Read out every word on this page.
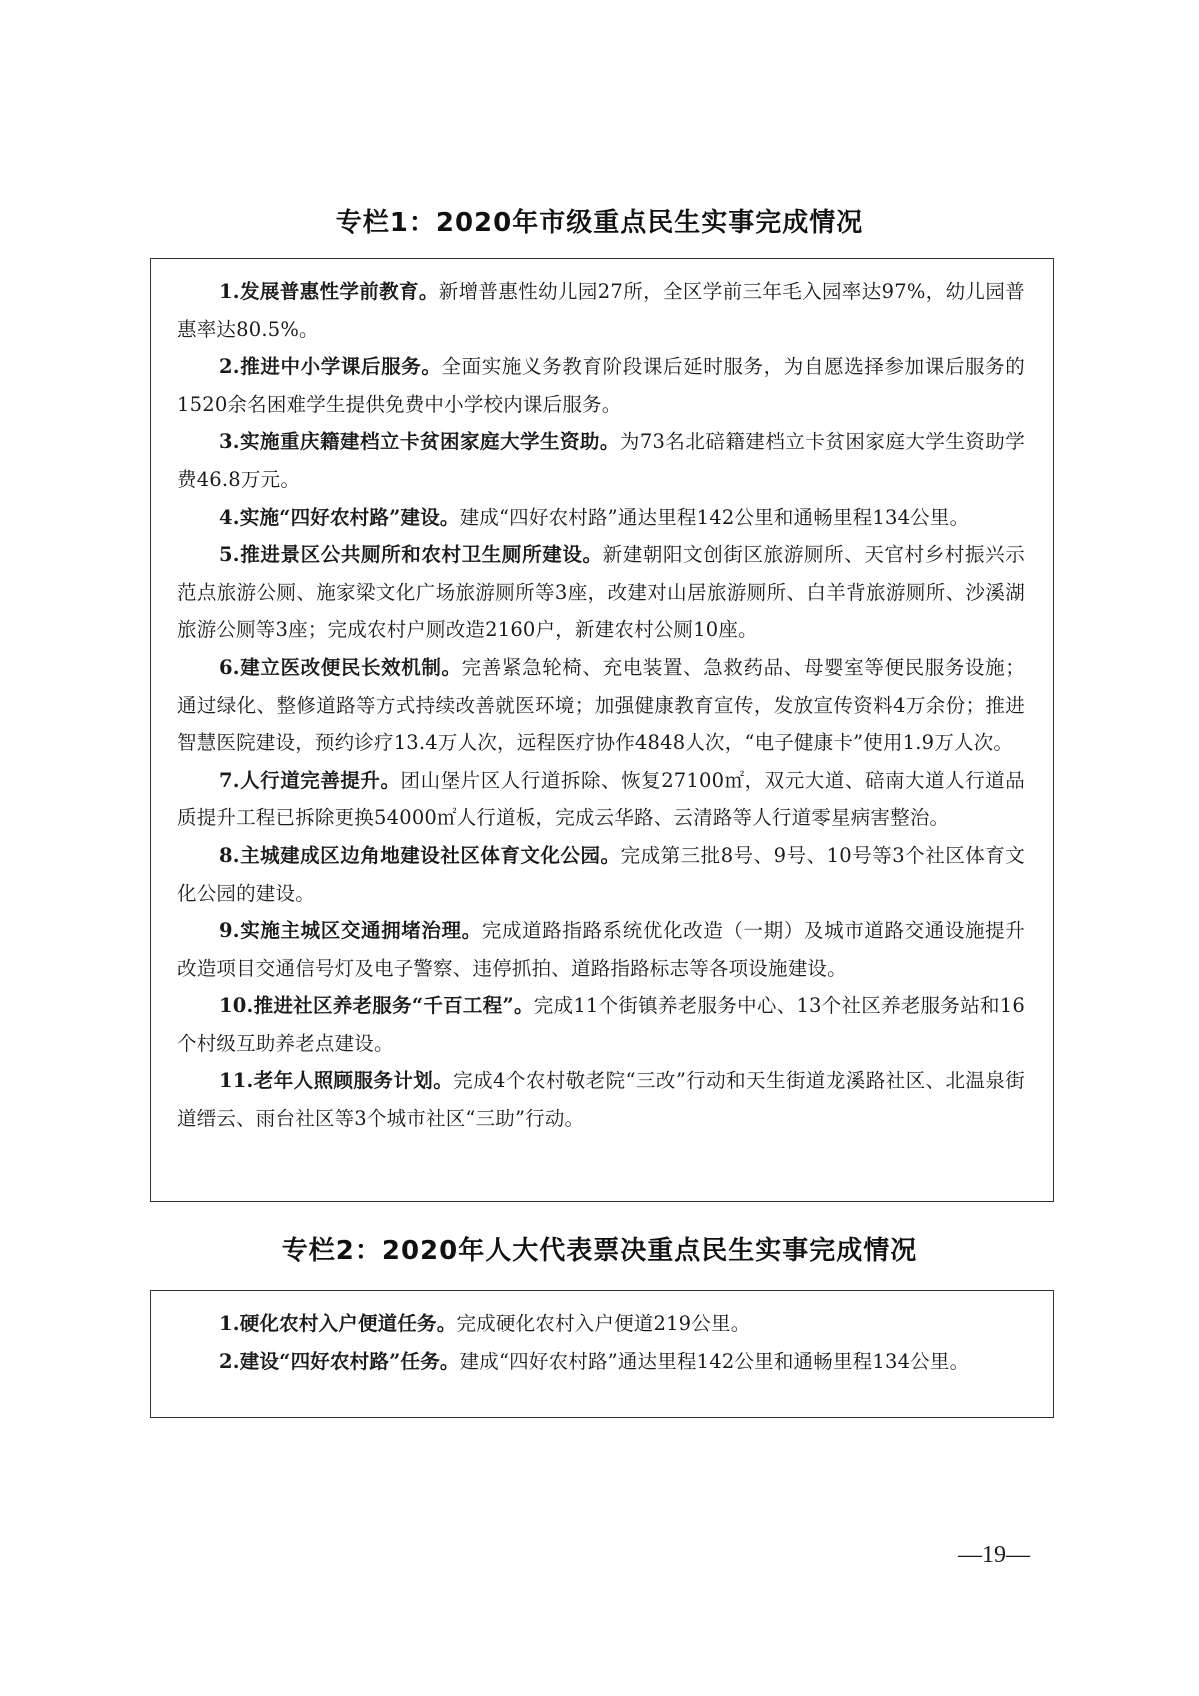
专栏1：2020年市级重点民生实事完成情况

1.发展普惠性学前教育。新增普惠性幼儿园27所，全区学前三年毛入园率达97%，幼儿园普惠率达80.5%。

2.推进中小学课后服务。全面实施义务教育阶段课后延时服务，为自愿选择参加课后服务的1520余名困难学生提供免费中小学校内课后服务。

3.实施重庆籍建档立卡贫困家庭大学生资助。为73名北碚籍建档立卡贫困家庭大学生资助学费46.8万元。

4.实施“四好农村路”建设。建成“四好农村路”通达里程142公里和通畅里程134公里。

5.推进景区公共厕所和农村卫生厕所建设。新建朝阳文创街区旅游厕所、天官村乡村振兴示范点旅游公厕、施家梁文化广场旅游厕所等3座，改建对山居旅游厕所、白羊背旅游厕所、沙溪湖旅游公厕等3座；完成农村户厕改造2160户，新建农村公厕10座。

6.建立医改便民长效机制。完善紧急轮椅、充电装置、急救药品、母婴室等便民服务设施；通过绿化、整修道路等方式持续改善就医环境；加强健康教育宣传，发放宣传资料4万余份；推进智慧医院建设，预约诊疗13.4万人次，远程医疗协作4848人次，“电子健康卡”使用1.9万人次。

7.人行道完善提升。团山堡片区人行道拆除、恢复27100㎡，双元大道、碚南大道人行道品质提升工程已拆除更换54000㎡人行道板，完成云华路、云清路等人行道零星病害整治。

8.主城建成区边角地建设社区体育文化公园。完成第三批8号、9号、10号等3个社区体育文化公园的建设。

9.实施主城区交通拥堵治理。完成道路指路系统优化改造（一期）及城市道路交通设施提升改造项目交通信号灯及电子警察、违停抓拍、道路指路标志等各项设施建设。

10.推进社区养老服务“千百工程”。完成11个街镇养老服务中心、13个社区养老服务站和16个村级互助养老点建设。

11.老年人照顾服务计划。完成4个农村敬老院“三改”行动和天生街道龙溪路社区、北温泉街道缙云、雨台社区等3个城市社区“三助”行动。

专栏2：2020年人大代表票决重点民生实事完成情况

1.硬化农村入户便道任务。完成硬化农村入户便道219公里。

2.建设“四好农村路”任务。建成“四好农村路”通达里程142公里和通畅里程134公里。

—19—
